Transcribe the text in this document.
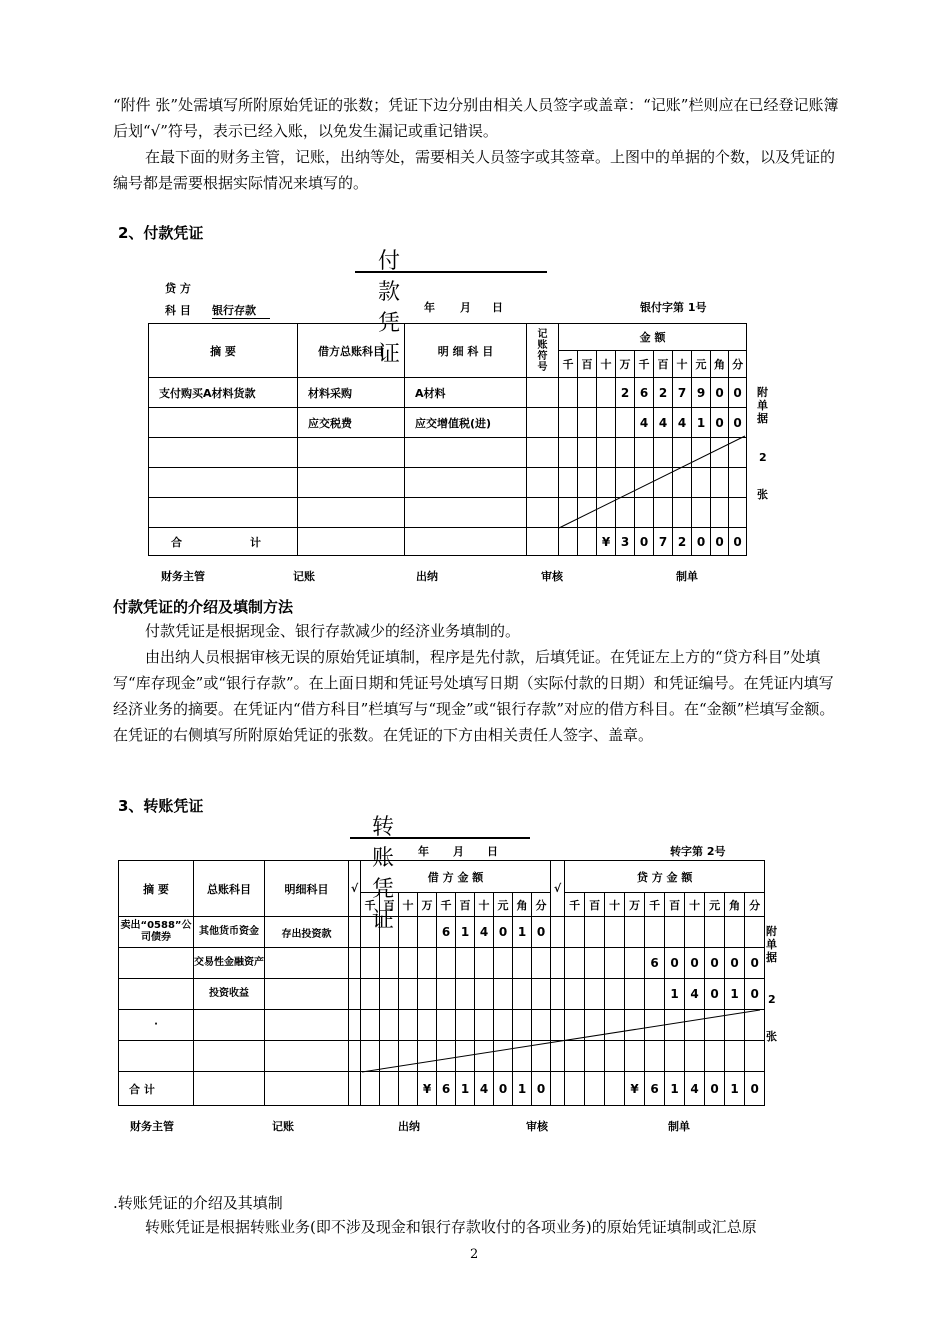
“附件 张”处需填写所附原始凭证的张数；凭证下边分别由相关人员签字或盖章：“记账”栏则应在已经登记账簿后划“√”符号，表示已经入账，以免发生漏记或重记错误。

在最下面的财务主管，记账，出纳等处，需要相关人员签字或其签章。上图中的单据的个数，以及凭证的编号都是需要根据实际情况来填写的。

2、付款凭证
付款凭证
贷 方
科 目 银行存款	年 月 日	银付字第 1号
摘 要	借方总账科目	明 细 科 目	记账符号	金 额									
				千	百	十	万	千	百	十	元	角	分
支付购买A材料货款	材料采购	A材料					2	6	2	7	9	0	0
	应交税费	应交增值税(进)						4	4	4	1	0	0

合 计						¥	3	0	7	2	0	0	0
附单据
2
张
财务主管	记账	出纳	审核	制单
付款凭证的介绍及填制方法

付款凭证是根据现金、银行存款减少的经济业务填制的。

由出纳人员根据审核无误的原始凭证填制，程序是先付款，后填凭证。在凭证左上方的“贷方科目”处填写“库存现金”或“银行存款”。在上面日期和凭证号处填写日期（实际付款的日期）和凭证编号。在凭证内填写经济业务的摘要。在凭证内“借方科目”栏填写与“现金”或“银行存款”对应的借方科目。在“金额”栏填写金额。在凭证的右侧填写所附原始凭证的张数。在凭证的下方由相关责任人签字、盖章。

3、转账凭证
转账凭证
年 月 日	转字第 2号
摘 要	总账科目	明细科目	√	借 方 金 额										√	贷 方 金 额									
				千	百	十	万	千	百	十	元	角	分		千	百	十	万	千	百	十	元	角	分
卖出“0588”公司债券	其他货币资金	存出投资款						6	1	4	0	1	0											
	交易性金融资产																		6	0	0	0	0	0
	投资收益																			1	4	0	1	0
·																								

合 计							¥	6	1	4	0	1	0					¥	6	1	4	0	1	0
附单据
2
张
财务主管	记账	出纳	审核	制单
.转账凭证的介绍及其填制

转账凭证是根据转账业务(即不涉及现金和银行存款收付的各项业务)的原始凭证填制或汇总原

2
